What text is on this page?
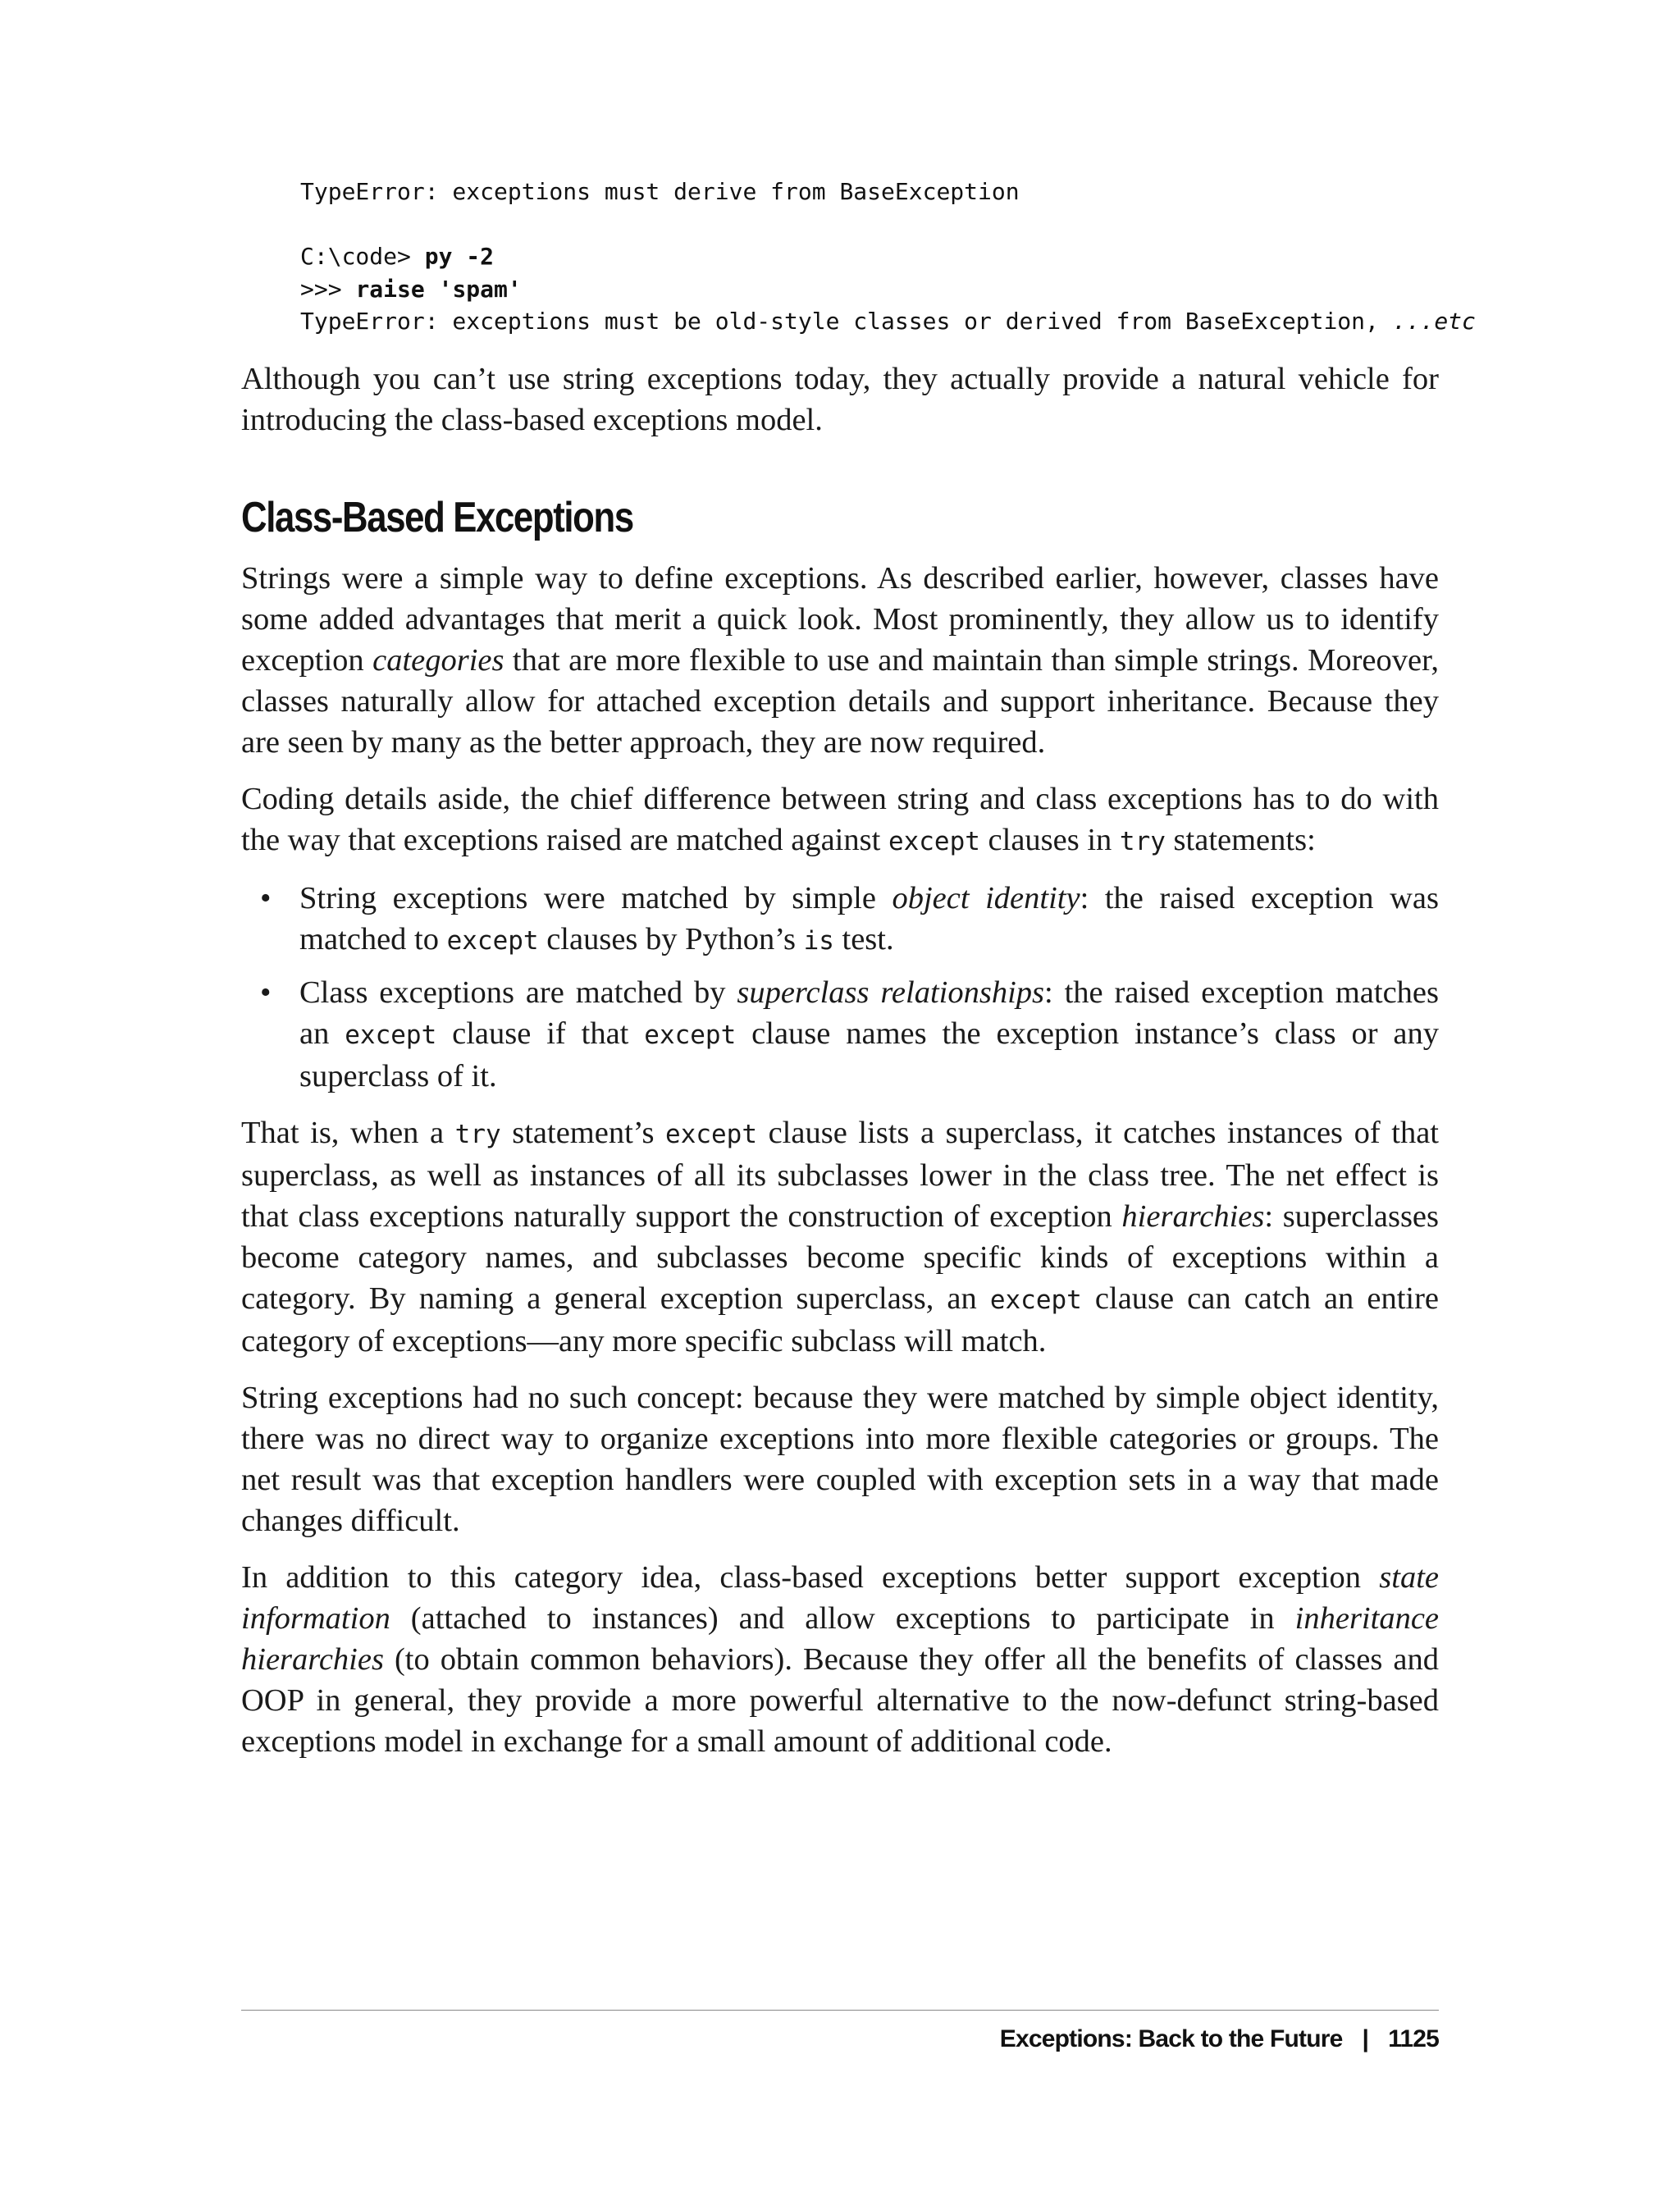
TypeError: exceptions must derive from BaseException
C:\code> py -2
>>> raise 'spam'
TypeError: exceptions must be old-style classes or derived from BaseException, ...etc

Although you can’t use string exceptions today, they actually provide a natural vehicle for introducing the class-based exceptions model.

Class-Based Exceptions

Strings were a simple way to define exceptions. As described earlier, however, classes have some added advantages that merit a quick look. Most prominently, they allow us to identify exception categories that are more flexible to use and maintain than simple strings. Moreover, classes naturally allow for attached exception details and support inheritance. Because they are seen by many as the better approach, they are now required.

Coding details aside, the chief difference between string and class exceptions has to do with the way that exceptions raised are matched against except clauses in try statements:

• String exceptions were matched by simple object identity: the raised exception was matched to except clauses by Python’s is test.
• Class exceptions are matched by superclass relationships: the raised exception matches an except clause if that except clause names the exception instance’s class or any superclass of it.

That is, when a try statement’s except clause lists a superclass, it catches instances of that superclass, as well as instances of all its subclasses lower in the class tree. The net effect is that class exceptions naturally support the construction of exception hierarchies: superclasses become category names, and subclasses become specific kinds of exceptions within a category. By naming a general exception superclass, an except clause can catch an entire category of exceptions—any more specific subclass will match.

String exceptions had no such concept: because they were matched by simple object identity, there was no direct way to organize exceptions into more flexible categories or groups. The net result was that exception handlers were coupled with exception sets in a way that made changes difficult.

In addition to this category idea, class-based exceptions better support exception state information (attached to instances) and allow exceptions to participate in inheritance hierarchies (to obtain common behaviors). Because they offer all the benefits of classes and OOP in general, they provide a more powerful alternative to the now-defunct string-based exceptions model in exchange for a small amount of additional code.

Exceptions: Back to the Future | 1125
